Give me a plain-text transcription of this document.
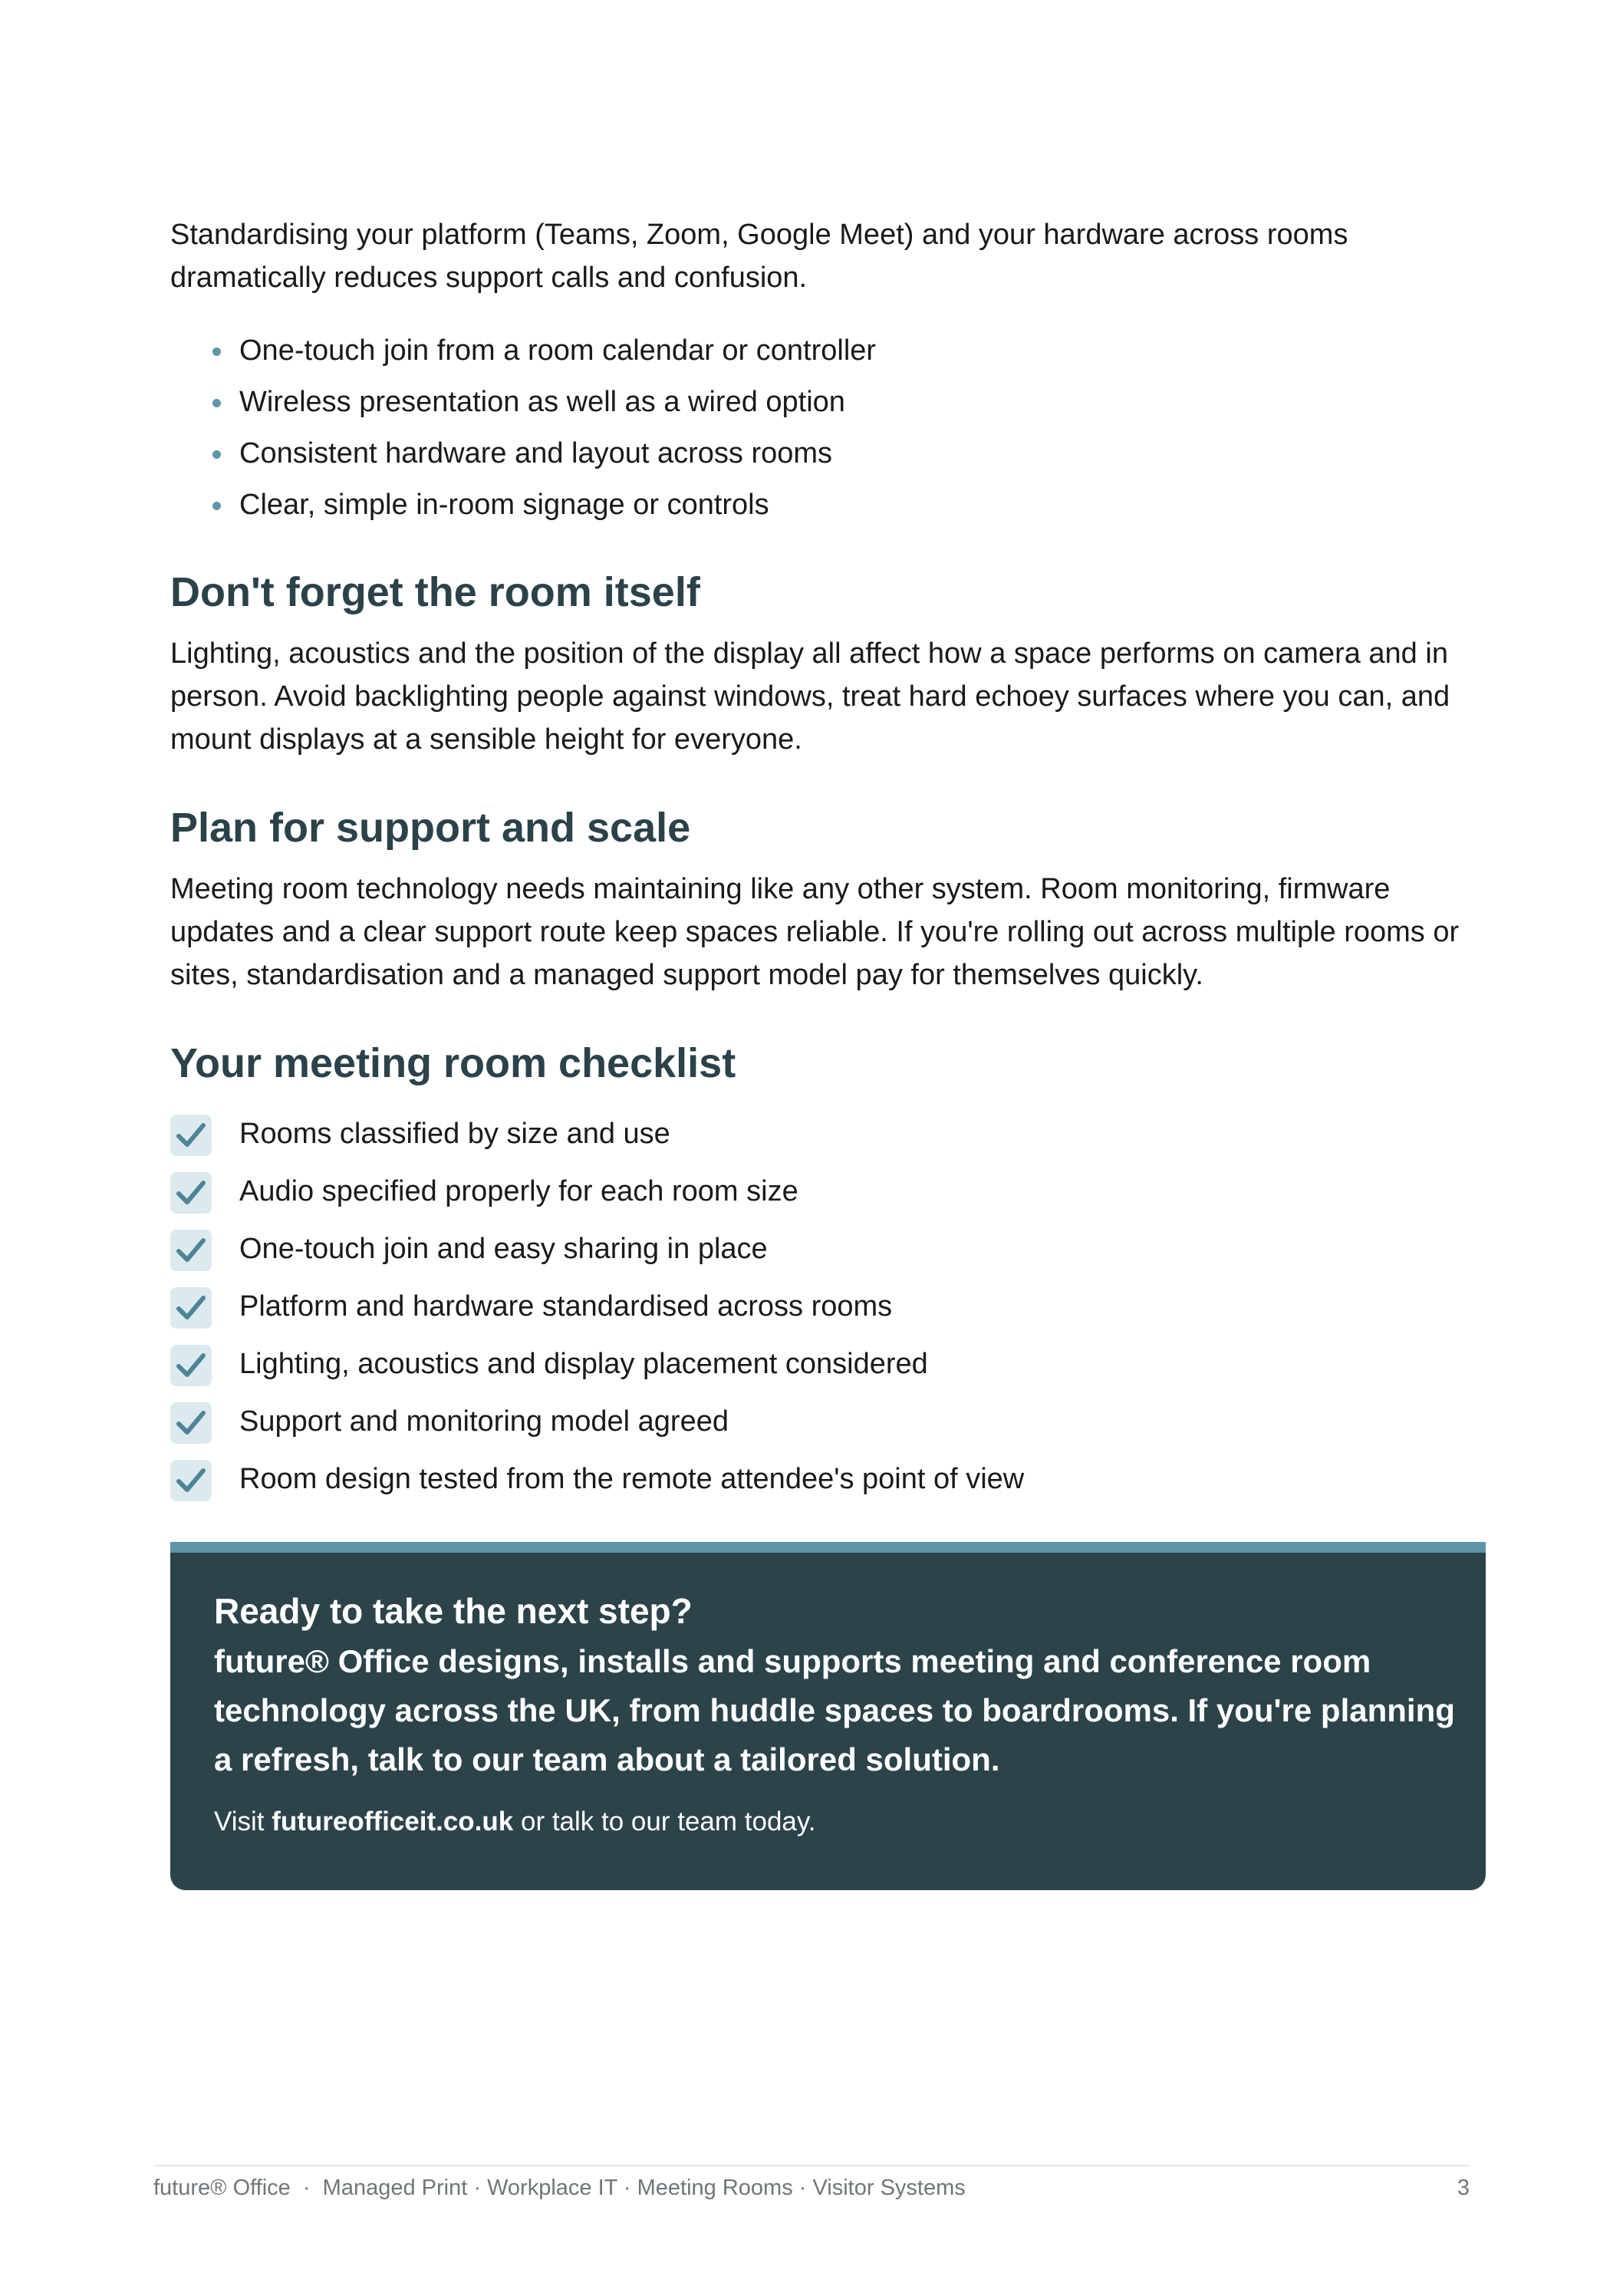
Standardising your platform (Teams, Zoom, Google Meet) and your hardware across rooms dramatically reduces support calls and confusion.

One-touch join from a room calendar or controller
Wireless presentation as well as a wired option
Consistent hardware and layout across rooms
Clear, simple in-room signage or controls
Don't forget the room itself

Lighting, acoustics and the position of the display all affect how a space performs on camera and in person. Avoid backlighting people against windows, treat hard echoey surfaces where you can, and mount displays at a sensible height for everyone.

Plan for support and scale

Meeting room technology needs maintaining like any other system. Room monitoring, firmware updates and a clear support route keep spaces reliable. If you're rolling out across multiple rooms or sites, standardisation and a managed support model pay for themselves quickly.

Your meeting room checklist
Rooms classified by size and use
Audio specified properly for each room size
One-touch join and easy sharing in place
Platform and hardware standardised across rooms
Lighting, acoustics and display placement considered
Support and monitoring model agreed
Room design tested from the remote attendee's point of view
Ready to take the next step?

future® Office designs, installs and supports meeting and conference room technology across the UK, from huddle spaces to boardrooms. If you're planning a refresh, talk to our team about a tailored solution.

Visit futureofficeit.co.uk or talk to our team today.

future® Office  ·  Managed Print · Workplace IT · Meeting Rooms · Visitor Systems	3
